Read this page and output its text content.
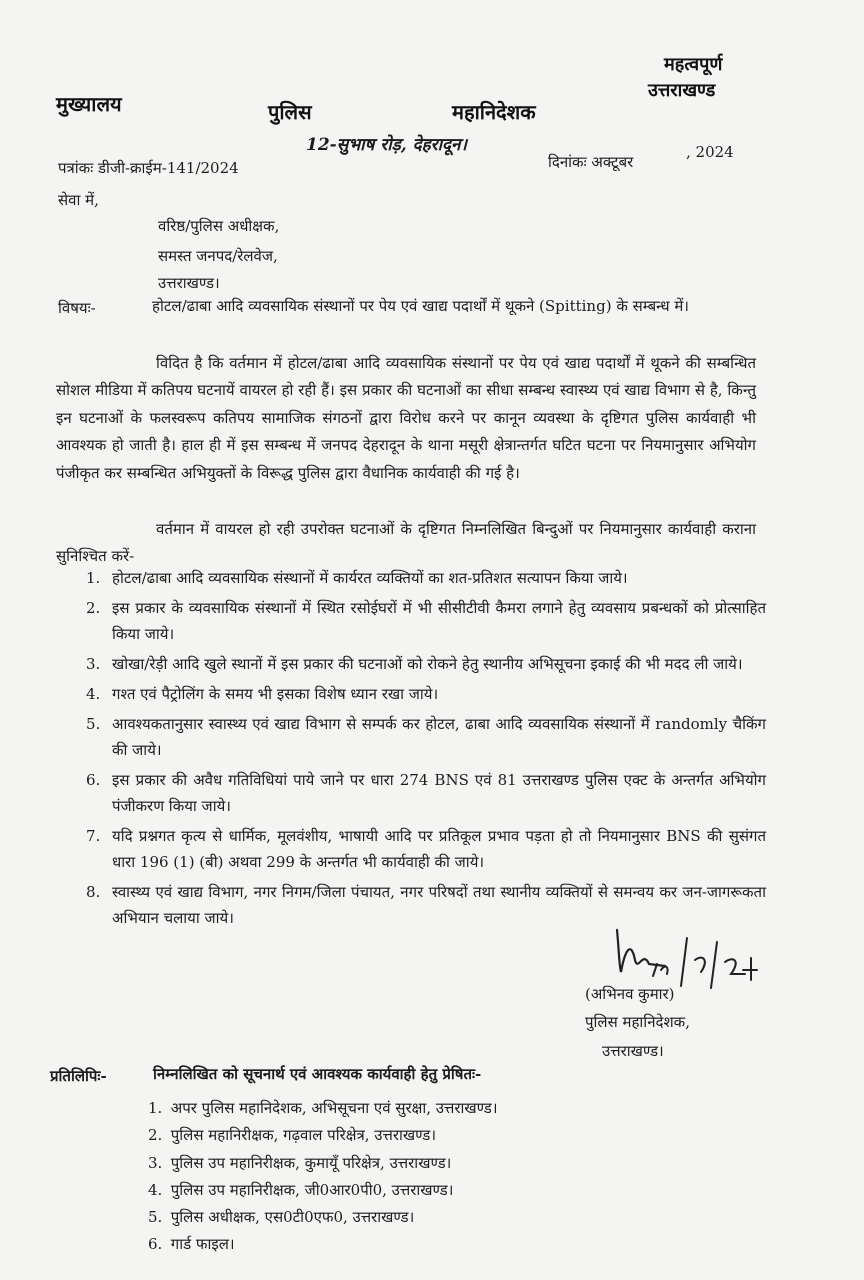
महत्वपूर्ण
उत्तराखण्ड
मुख्यालय	पुलिस	महानिदेशक
12-सुभाष रोड़, देहरादून।
पत्रांकः डीजी-क्राईम-141/2024	दिनांकः अक्टूबर
, 2024
सेवा में,
वरिष्ठ/पुलिस अधीक्षक,
समस्त जनपद/रेलवेज,
उत्तराखण्ड।
विषयः-	होटल/ढाबा आदि व्यवसायिक संस्थानों पर पेय एवं खाद्य पदार्थों में थूकने (Spitting) के सम्बन्ध में।
विदित है कि वर्तमान में होटल/ढाबा आदि व्यवसायिक संस्थानों पर पेय एवं खाद्य पदार्थों में थूकने की सम्बन्धित सोशल मीडिया में कतिपय घटनायें वायरल हो रही हैं। इस प्रकार की घटनाओं का सीधा सम्बन्ध स्वास्थ्य एवं खाद्य विभाग से है, किन्तु इन घटनाओं के फलस्वरूप कतिपय सामाजिक संगठनों द्वारा विरोध करने पर कानून व्यवस्था के दृष्टिगत पुलिस कार्यवाही भी आवश्यक हो जाती है। हाल ही में इस सम्बन्ध में जनपद देहरादून के थाना मसूरी क्षेत्रान्तर्गत घटित घटना पर नियमानुसार अभियोग पंजीकृत कर सम्बन्धित अभियुक्तों के विरूद्ध पुलिस द्वारा वैधानिक कार्यवाही की गई है।
वर्तमान में वायरल हो रही उपरोक्त घटनाओं के दृष्टिगत निम्नलिखित बिन्दुओं पर नियमानुसार कार्यवाही कराना सुनिश्चित करें-
1. होटल/ढाबा आदि व्यवसायिक संस्थानों में कार्यरत व्यक्तियों का शत-प्रतिशत सत्यापन किया जाये।
2. इस प्रकार के व्यवसायिक संस्थानों में स्थित रसोईघरों में भी सीसीटीवी कैमरा लगाने हेतु व्यवसाय प्रबन्धकों को प्रोत्साहित किया जाये।
3. खोखा/रेड़ी आदि खुले स्थानों में इस प्रकार की घटनाओं को रोकने हेतु स्थानीय अभिसूचना इकाई की भी मदद ली जाये।
4. गश्त एवं पैट्रोलिंग के समय भी इसका विशेष ध्यान रखा जाये।
5. आवश्यकतानुसार स्वास्थ्य एवं खाद्य विभाग से सम्पर्क कर होटल, ढाबा आदि व्यवसायिक संस्थानों में randomly चैकिंग की जाये।
6. इस प्रकार की अवैध गतिविधियां पाये जाने पर धारा 274 BNS एवं 81 उत्तराखण्ड पुलिस एक्ट के अन्तर्गत अभियोग पंजीकरण किया जाये।
7. यदि प्रश्नगत कृत्य से धार्मिक, मूलवंशीय, भाषायी आदि पर प्रतिकूल प्रभाव पड़ता हो तो नियमानुसार BNS की सुसंगत धारा 196 (1) (बी) अथवा 299 के अन्तर्गत भी कार्यवाही की जाये।
8. स्वास्थ्य एवं खाद्य विभाग, नगर निगम/जिला पंचायत, नगर परिषदों तथा स्थानीय व्यक्तियों से समन्वय कर जन-जागरूकता अभियान चलाया जाये।
(अभिनव कुमार)
पुलिस महानिदेशक,
उत्तराखण्ड।
प्रतिलिपिः-	निम्नलिखित को सूचनार्थ एवं आवश्यक कार्यवाही हेतु प्रेषितः-
1. अपर पुलिस महानिदेशक, अभिसूचना एवं सुरक्षा, उत्तराखण्ड।
2. पुलिस महानिरीक्षक, गढ़वाल परिक्षेत्र, उत्तराखण्ड।
3. पुलिस उप महानिरीक्षक, कुमायूँ परिक्षेत्र, उत्तराखण्ड।
4. पुलिस उप महानिरीक्षक, जी0आर0पी0, उत्तराखण्ड।
5. पुलिस अधीक्षक, एस0टी0एफ0, उत्तराखण्ड।
6. गार्ड फाइल।
